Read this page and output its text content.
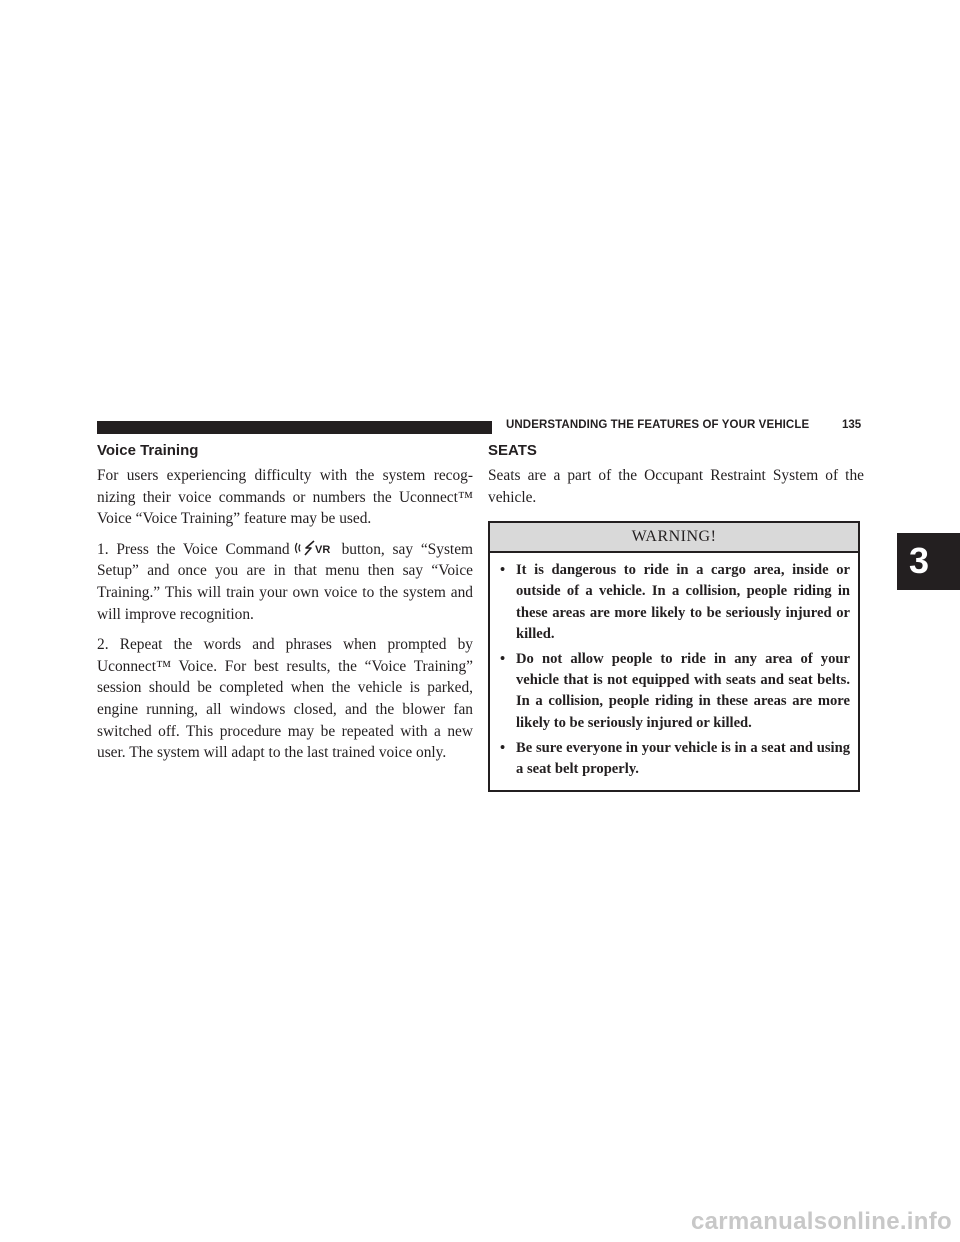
UNDERSTANDING THE FEATURES OF YOUR VEHICLE	135
Voice Training

For users experiencing difficulty with the system recog-nizing their voice commands or numbers the Uconnect™ Voice “Voice Training” feature may be used.

1. Press the Voice Command VR button, say “System Setup” and once you are in that menu then say “Voice Training.” This will train your own voice to the system and will improve recognition.

2. Repeat the words and phrases when prompted by Uconnect™ Voice. For best results, the “Voice Training” session should be completed when the vehicle is parked, engine running, all windows closed, and the blower fan switched off. This procedure may be repeated with a new user. The system will adapt to the last trained voice only.

SEATS

Seats are a part of the Occupant Restraint System of the vehicle.

WARNING!
• It is dangerous to ride in a cargo area, inside or outside of a vehicle. In a collision, people riding in these areas are more likely to be seriously injured or killed.
• Do not allow people to ride in any area of your vehicle that is not equipped with seats and seat belts. In a collision, people riding in these areas are more likely to be seriously injured or killed.
• Be sure everyone in your vehicle is in a seat and using a seat belt properly.
3
carmanualsonline.info
